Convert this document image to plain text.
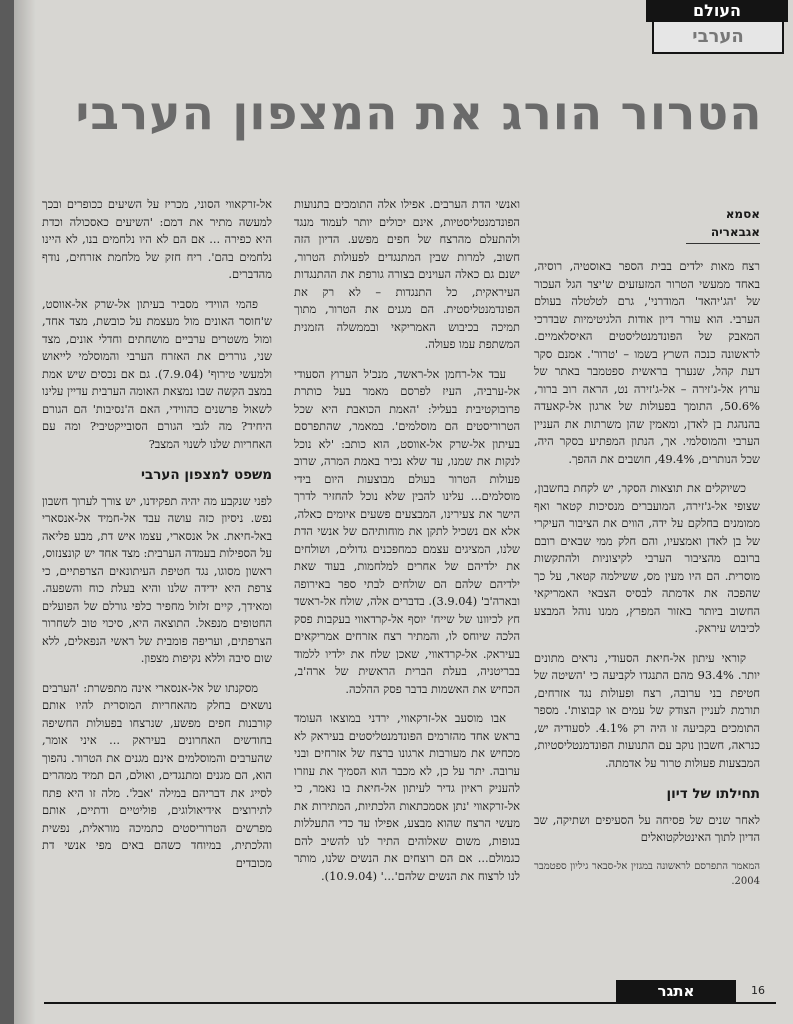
העולם
הערבי
הטרור הורג את המצפון הערבי
אסמא אגבאריה

רצח מאות ילדים בבית הספר באוסטיה, רוסיה, באחד ממעשי הטרור המזעזעים ש'יצר הגל העכור של 'הג'יהאד' המודרני', גרם לטלטלה בעולם הערבי. הוא עורר דיון אודות הלגיטימיות שבדרכי המאבק של הפונדמנטליסטים האיסלאמיים. לראשונה כנכה השרץ בשמו – 'טרור'. אמנם סקר דעת קהל, שנערך בראשית ספטמבר באתר של ערוץ אל-ג'זירה – אל-ג'זירה נט, הראה רוב ברור, 50.6%, התומך בפעולות של ארגון אל-קאעדה בהנהגת בן לאדן, ומאמין שהן משרתות את העניין הערבי והמוסלמי. אך, הנתון המפתיע בסקר היה, שכל הנותרים, 49.4%, חושבים את ההפך.

כשיוקלים את תוצאות הסקר, יש לקחת בחשבון, שצופי אל-ג'זירה, המועברים מנסיכות קטאר ואף ממומנים בחלקם על ידה, הווים את הציבור העיקרי של בן לאדן ואמצעיו, והם חלק ממי שבאים רובם ברובם מהציבור הערבי לקיצוניות ולהתקשות מוסרית. הם היו מעין מס, ששילמה קטאר, על כך שהפכה את אדמתה לבסיס הצבאי האמריקאי החשוב ביותר באזור המפרץ, ממנו נוהל המבצע לכיבוש עיראק.

קוראי עיתון אל-חיאת הסעודי, נראים מתונים יותר. 93.4% מהם התנגדו לקביעה כי 'השיטה של חטיפת בני ערובה, רצח ופעולות נגד אזרחים, תורמת לעניין הצודק של עמים או קבוצות'. מספר התומכים בקביעה זו היה רק 4.1%. לסעודיה יש, כנראה, חשבון נוקב עם התנועות הפונדמנטליסטיות, המבצעות פעולות טרור על אדמתה.

תחילתו של דיון

לאחר שנים של פסיחה על הסעיפים ושתיקה, שב הדיון לתוך האינטלקטואלים

המאמר התפרסם לראשונה במגזין אל-סבאר גיליון ספטמבר 2004.

ואנשי הדת הערבים. אפילו אלה התומכים בתנועות הפונדמנטליסטיות, אינם יכולים יותר לעמוד מנגד ולהתעלם מהרצח של חפים מפשע. הדיון הזה חשוב, למרות שבין המתנגדים לפעולות הטרור, ישנם גם כאלה העוינים בצורה גורפת את ההתנגדות העיראקית, כל התנגדות – לא רק את הפונדמנטליסטית. הם מגנים את הטרור, מתוך תמיכה בכיבוש האמריקאי ובממשלה הזמנית המשתפת עמו פעולה.

עבד אל-רחמן אל-ראשד, מנכ'ל הערוץ הסעודי אל-ערביה, העיז לפרסם מאמר בעל כותרת פרובוקטיבית בעליל: 'האמת הכואבת היא שכל הטרוריסטים הם מוסלמים'. במאמר, שהתפרסם בעיתון אל-שרק אל-אווסט, הוא כותב: 'לא נוכל לנקות את שמנו, עד שלא נכיר באמת המרה, שרוב פעולות הטרור בעולם מבוצעות היום בידי מוסלמים... עלינו להבין שלא נוכל להחזיר לדרך הישר את צעירינו, המבצעים פשעים איומים כאלה, אלא אם נשכיל לתקן את מוחותיהם של אנשי הדת שלנו, המציגים עצמם כמחפכנים גדולים, ושולחים את ילדיהם של אחרים למלחמות, בעוד שאת ילדיהם שלהם הם שולחים לבתי ספר באירופה ובארה'ב' (3.9.04). בדברים אלה, שולח אל-ראשד חץ לכיוונו של שייח' יוסף אל-קרדאווי בעקבות פסק הלכה שיוחס לו, והמתיר רצח אזרחים אמריקאים בעיראק. אל-קרדאווי, שאכן שלח את ילדיו ללמוד בבריטניה, בעלת הברית הראשית של ארה'ב, הכחיש את האשמות בדבר פסק ההלכה.

אבו מוסעב אל-זרקאווי, ירדני במוצאו העומד בראש אחד מהזרמים הפונדמנטליסטים בעיראק לא מכחיש את מעורבות ארגונו ברצח של אזרחים ובני ערובה. יתר על כן, לא מכבר הוא הסמיך את עוזרו להעניק ראיון גדיר לעיתון אל-חיאת בו נאמר, כי אל-זרקאווי 'נתן אסמכתאות הלכתיות, המתירות את מעשי הרצח שהוא מבצע, אפילו עד כדי התעללות בגופות, משום שאלוהים התיר לנו להשיב להם כגמולם... אם הם רוצחים את הנשים שלנו, מותר לנו לרצוח את הנשים שלהם'...' (10.9.04).

אל-זרקאווי הסוני, מכריז על השיעים ככופרים ובכך למעשה מתיר את דמם: 'השיעים כאסכולה וכדת היא כפירה ... אם הם לא היו נלחמים בנו, לא היינו נלחמים בהם'. ריח חזק של מלחמת אזרחים, נודף מהדברים.

פהמי הווידי מסביר בעיתון אל-שרק אל-אווסט, ש'חוסר האונים מול מעצמת על כובשת, מצד אחד, ומול משטרים ערביים מושחתים וחדלי אונים, מצד שני, גוררים את האזרח הערבי והמוסלמי לייאוש ולמעשי טירוף' (7.9.04). גם אם נכסים שיש אמת במצב הקשה שבו נמצאת האומה הערבית עדיין עלינו לשאול פרשנים כהווידי, האם ה'נסיבות' הם הגורם היחיד? מה לגבי הגורם הסובייקטיבי? ומה עם האחריות שלנו לשנוי המצב?

משפט למצפון הערבי

לפני שנקבע מה יהיה תפקידנו, יש צורך לערוך חשבון נפש. ניסיון כזה עושה עבד אל-חמיד אל-אנסארי באל-חיאת. אל אנסארי, עצמו איש דת, מבע פליאה על הספילות בעמדה הערבית: מצד אחד יש קונצנזוס, ראשון מסוגו, נגד חטיפת העיתונאים הצרפתיים, כי צרפת היא ידידה שלנו והיא בעלת כוח והשפעה. ומאידך, קיים זלזול מחפיר כלפי גורלם של הפועלים החטופים מנפאל. התוצאה היא, סיכוי טוב לשחרור הצרפתים, ועריפה פומבית של ראשי הנפאלים, ללא שום סיבה וללא נקיפות מצפון.

מסקנתו של אל-אנסארי אינה מתפשרת: 'הערבים נושאים בחלק מהאחריות המוסרית להיו אותם קורבנות חפים מפשע, שנרצחו בפעולות החשיפה בחודשים האחרונים בעיראק ... איני אומר, שהערבים והמוסלמים אינם מגנים את הטרור. נהפוך הוא, הם מגנים ומתנגדים, ואולם, הם תמיד ממהרים לסייג את דבריהם במילה 'אבל'. מלה זו היא פתח לתירוצים אידיאולוגים, פוליטיים ודתיים, אותם מפרשים הטרוריסטים כתמיכה מוראלית, נפשית והלכתית, במיוחד כשהם באים מפי אנשי דת מכובדים

אתגר	16
